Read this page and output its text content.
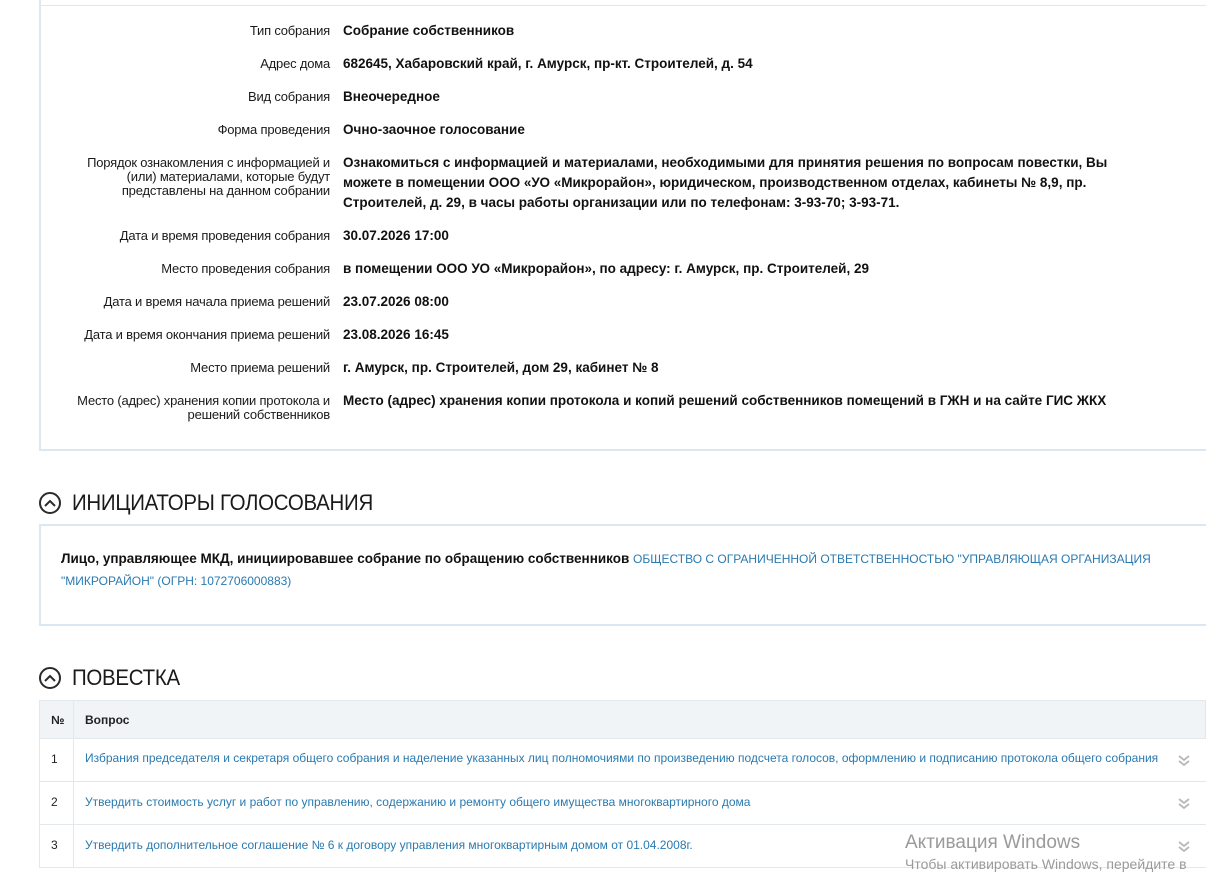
Тип собрания Собрание собственников
Адрес дома 682645, Хабаровский край, г. Амурск, пр-кт. Строителей, д. 54
Вид собрания Внеочередное
Форма проведения Очно-заочное голосование
Порядок ознакомления с информацией и (или) материалами, которые будут представлены на данном собрании
Ознакомиться с информацией и материалами, необходимыми для принятия решения по вопросам повестки, Вы можете в помещении ООО «УО «Микрорайон», юридическом, производственном отделах, кабинеты № 8,9, пр. Строителей, д. 29, в часы работы организации или по телефонам: 3-93-70; 3-93-71.
Дата и время проведения собрания 30.07.2026 17:00
Место проведения собрания в помещении ООО УО «Микрорайон», по адресу: г. Амурск, пр. Строителей, 29
Дата и время начала приема решений 23.07.2026 08:00
Дата и время окончания приема решений 23.08.2026 16:45
Место приема решений г. Амурск, пр. Строителей, дом 29, кабинет № 8
Место (адрес) хранения копии протокола и решений собственников
Место (адрес) хранения копии протокола и копий решений собственников помещений в ГЖН и на сайте ГИС ЖКХ
ИНИЦИАТОРЫ ГОЛОСОВАНИЯ
Лицо, управляющее МКД, инициировавшее собрание по обращению собственников ОБЩЕСТВО С ОГРАНИЧЕННОЙ ОТВЕТСТВЕННОСТЬЮ "УПРАВЛЯЮЩАЯ ОРГАНИЗАЦИЯ "МИКРОРАЙОН" (ОГРН: 1072706000883)
ПОВЕСТКА
№ Вопрос
1 Избрания председателя и секретаря общего собрания и наделение указанных лиц полномочиями по произведению подсчета голосов, оформлению и подписанию протокола общего собрания
2 Утвердить стоимость услуг и работ по управлению, содержанию и ремонту общего имущества многоквартирного дома
3 Утвердить дополнительное соглашение № 6 к договору управления многоквартирным домом от 01.04.2008г.	Активация Windows
Чтобы активировать Windows, перейдите в
